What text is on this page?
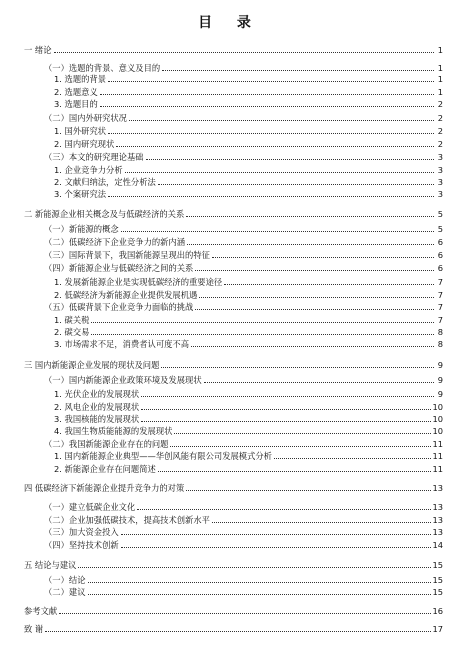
目 录
一 绪论	1
（一）选题的背景、意义及目的	1
1. 选题的背景	1
2. 选题意义	1
3. 选题目的	2
（二）国内外研究状况	2
1. 国外研究状	2
2. 国内研究现状	2
（三）本文的研究理论基础	3
1. 企业竞争力分析	3
2. 文献归纳法，定性分析法	3
3. 个案研究法	3
二 新能源企业相关概念及与低碳经济的关系	5
（一）新能源的概念	5
（二）低碳经济下企业竞争力的新内涵	6
（三）国际背景下，我国新能源呈现出的特征	6
（四）新能源企业与低碳经济之间的关系	6
1. 发展新能源企业是实现低碳经济的重要途径	7
2. 低碳经济为新能源企业提供发展机遇	7
（五）低碳背景下企业竞争力面临的挑战	7
1. 碳关税	7
2. 碳交易	8
3. 市场需求不足，消费者认可度不高	8
三 国内新能源企业发展的现状及问题	9
（一）国内新能源企业政策环境及发展现状	9
1. 光伏企业的发展现状	9
2. 风电企业的发展现状	10
3. 我国核能的发展现状	10
4. 我国生物质能能源的发展现状	10
（二）我国新能源企业存在的问题	11
1. 国内新能源企业典型——华创风能有限公司发展模式分析	11
2. 新能源企业存在问题简述	11
四 低碳经济下新能源企业提升竞争力的对策	13
（一）建立低碳企业文化	13
（二）企业加强低碳技术，提高技术创新水平	13
（三）加大资金投入	13
（四）坚持技术创新	14
五 结论与建议	15
（一）结论	15
（二）建议	15
参考文献	16
致 谢	17
